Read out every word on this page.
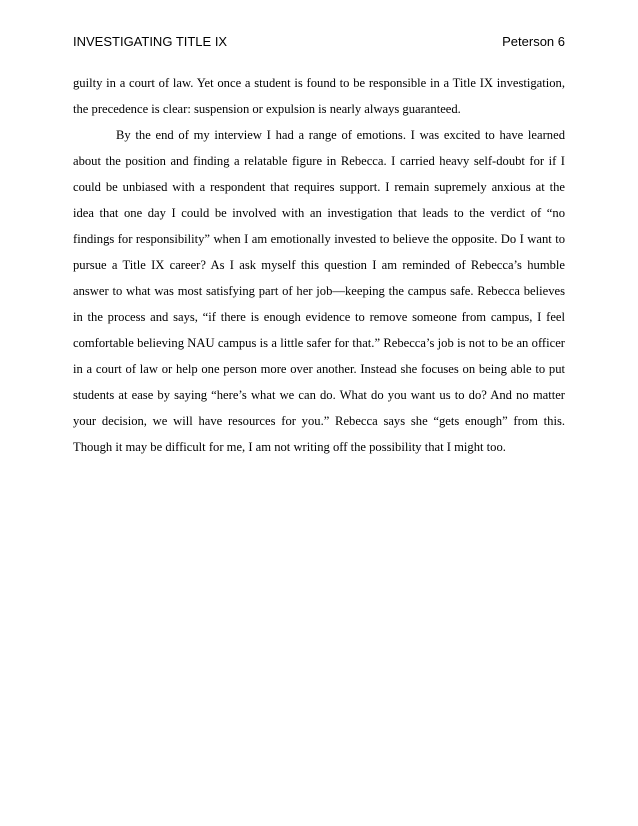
INVESTIGATING TITLE IX	Peterson 6
guilty in a court of law. Yet once a student is found to be responsible in a Title IX investigation,
the precedence is clear: suspension or expulsion is nearly always guaranteed.
By the end of my interview I had a range of emotions. I was excited to have learned
about the position and finding a relatable figure in Rebecca. I carried heavy self-doubt for if I
could be unbiased with a respondent that requires support. I remain supremely anxious at the
idea that one day I could be involved with an investigation that leads to the verdict of “no
findings for responsibility” when I am emotionally invested to believe the opposite. Do I want to
pursue a Title IX career? As I ask myself this question I am reminded of Rebecca’s humble
answer to what was most satisfying part of her job—keeping the campus safe. Rebecca believes
in the process and says, “if there is enough evidence to remove someone from campus, I feel
comfortable believing NAU campus is a little safer for that.” Rebecca’s job is not to be an officer
in a court of law or help one person more over another. Instead she focuses on being able to put
students at ease by saying “here’s what we can do. What do you want us to do? And no matter
your decision, we will have resources for you.” Rebecca says she “gets enough” from this.
Though it may be difficult for me, I am not writing off the possibility that I might too.
